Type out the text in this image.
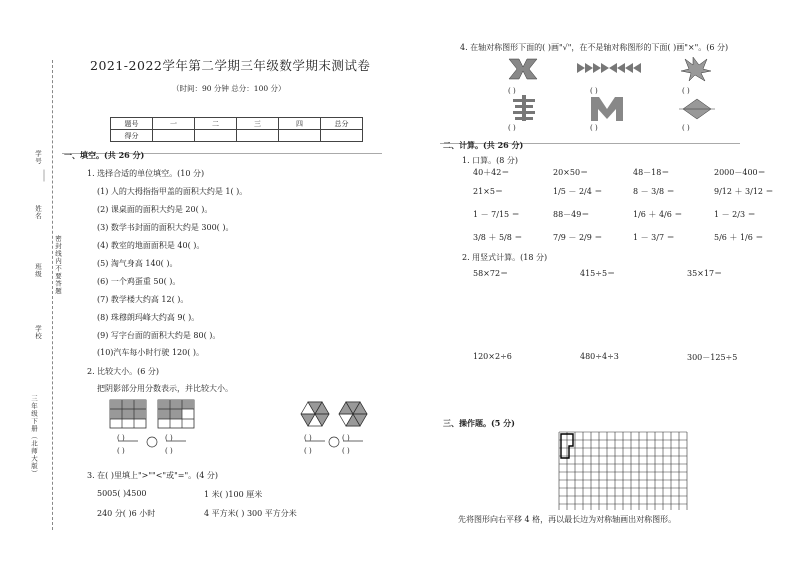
学号
姓名
密封线内不要答题
班级
学校
三年级下册（北师大版）
2021-2022学年第二学期三年级数学期末测试卷
（时间：90 分钟 总分：100 分）
题号	一	二	三	四	总分
得分					
一、填空。(共 26 分)
1. 选择合适的单位填空。(10 分)
(1) 人的大拇指指甲盖的面积大约是 1( )。
(2) 课桌面的面积大约是 20( )。
(3) 数学书封面的面积大约是 300( )。
(4) 教室的地面面积是 40( )。
(5) 淘气身高 140( )。
(6) 一个鸡蛋重 50( )。
(7) 教学楼大约高 12( )。
(8) 珠穆朗玛峰大约高 9( )。
(9) 写字台面的面积大约是 80( )。
(10)汽车每小时行驶 120( )。
2. 比较大小。(6 分)
把阴影部分用分数表示，并比较大小。
( )	( )
( )	( )
( )	( )
( )	( )
3. 在( )里填上">""<"或"="。(4 分)
5005( )4500	1 米( )100 厘米
240 分( )6 小时	4 平方米( ) 300 平方分米
4. 在轴对称图形下面的( )画"√"，在不是轴对称图形的下面( )画"×"。(6 分)
( )	( )	( )
( )	( )	( )
二、计算。(共 26 分)
1. 口算。(8 分)
40＋42＝	20×50＝	48－18＝	2000－400＝
21×5＝	1/5 － 2/4 ＝	8 － 3/8 ＝	9/12 ＋ 3/12 ＝
1 － 7/15 ＝	88－49＝	1/6 ＋ 4/6 ＝	1 － 2/3 ＝
3/8 ＋ 5/8 ＝	7/9 － 2/9 ＝	1 － 3/7 ＝	5/6 ＋ 1/6 ＝
2. 用竖式计算。(18 分)
58×72＝	415÷5＝	35×17＝
120×2÷6	480÷4÷3	300－125÷5
三、操作题。(5 分)
先将图形向右平移 4 格，再以最长边为对称轴画出对称图形。
